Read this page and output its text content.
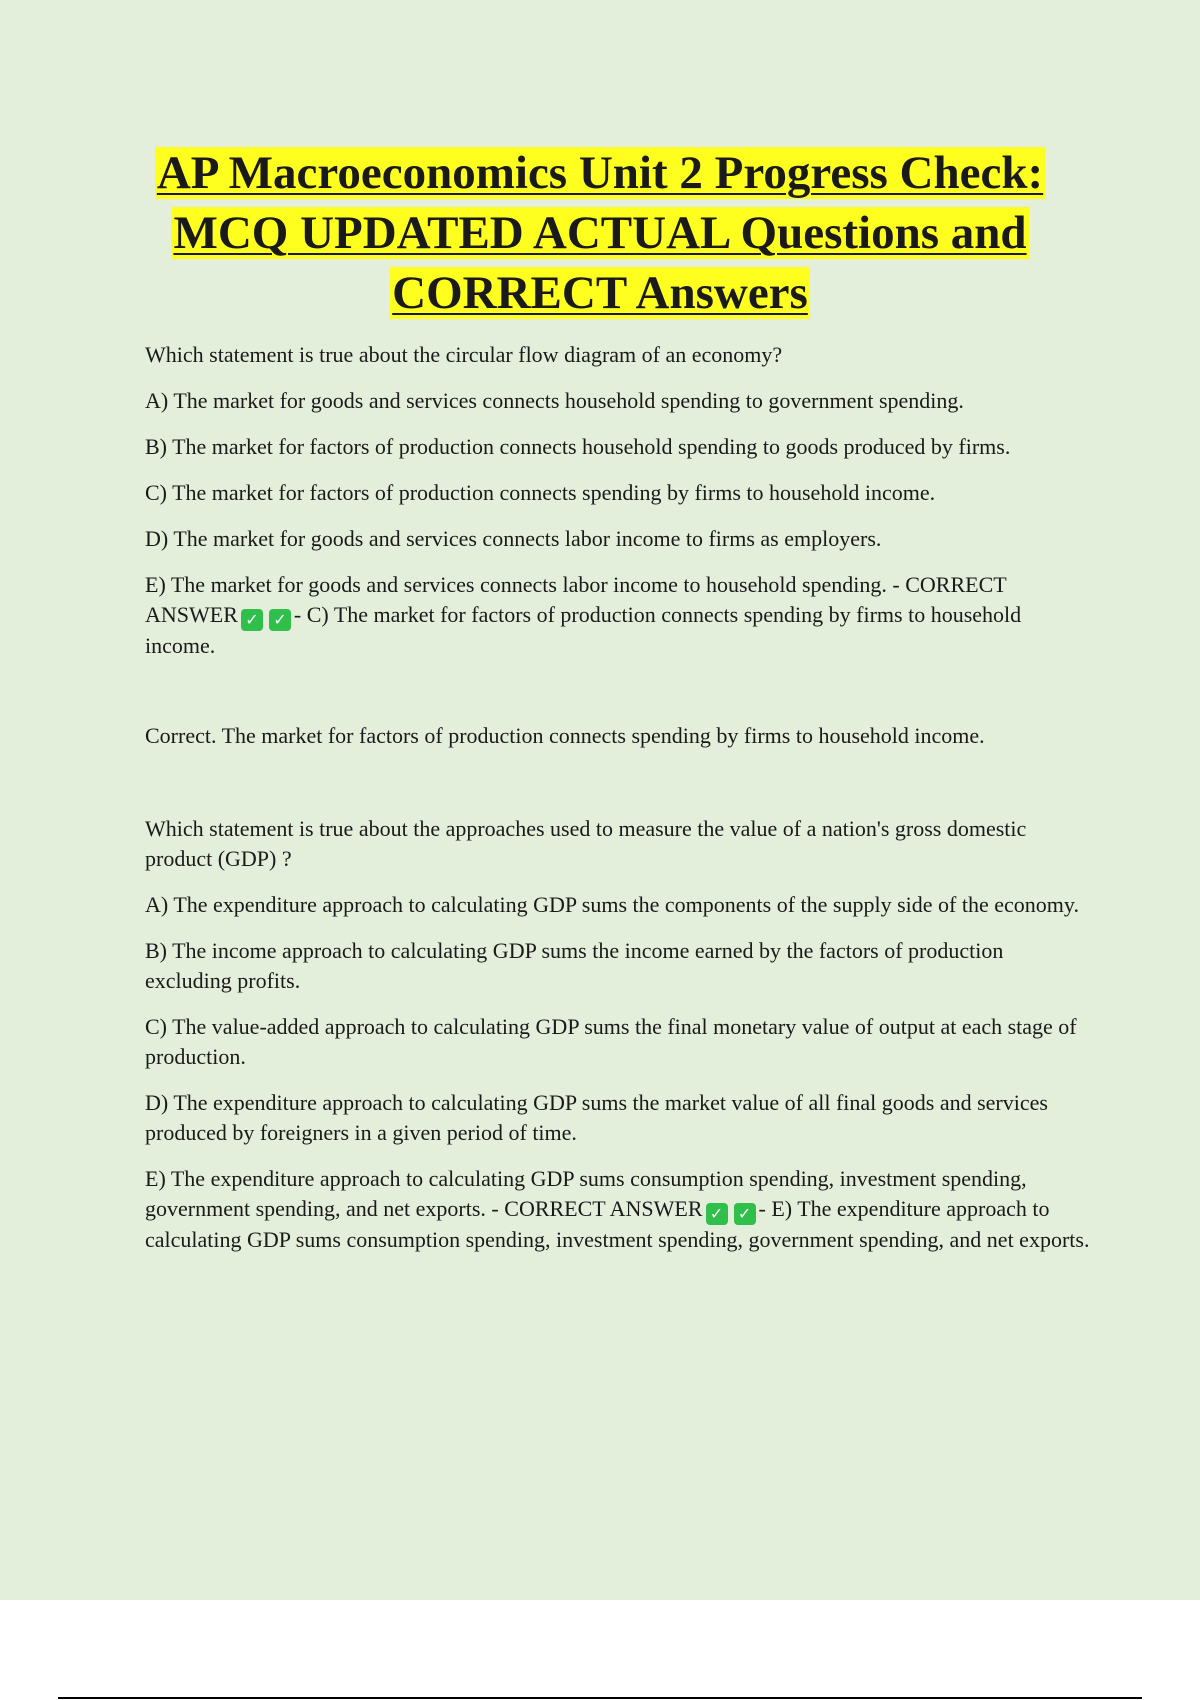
AP Macroeconomics Unit 2 Progress Check:
MCQ UPDATED ACTUAL Questions and
CORRECT Answers

Which statement is true about the circular flow diagram of an economy?

A) The market for goods and services connects household spending to government spending.

B) The market for factors of production connects household spending to goods produced by firms.

C) The market for factors of production connects spending by firms to household income.

D) The market for goods and services connects labor income to firms as employers.

E) The market for goods and services connects labor income to household spending. - CORRECT ANSWER ✓ ✓ - C) The market for factors of production connects spending by firms to household income.

Correct. The market for factors of production connects spending by firms to household income.

Which statement is true about the approaches used to measure the value of a nation's gross domestic product (GDP) ?

A) The expenditure approach to calculating GDP sums the components of the supply side of the economy.

B) The income approach to calculating GDP sums the income earned by the factors of production excluding profits.

C) The value-added approach to calculating GDP sums the final monetary value of output at each stage of production.

D) The expenditure approach to calculating GDP sums the market value of all final goods and services produced by foreigners in a given period of time.

E) The expenditure approach to calculating GDP sums consumption spending, investment spending, government spending, and net exports. - CORRECT ANSWER ✓ ✓ - E) The expenditure approach to calculating GDP sums consumption spending, investment spending, government spending, and net exports.
